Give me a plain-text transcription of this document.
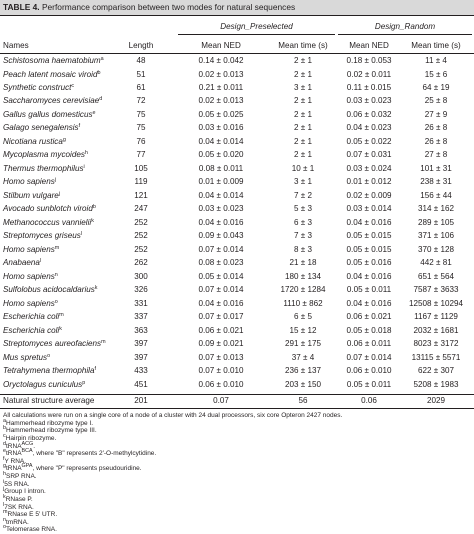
TABLE 4. Performance comparison between two modes for natural sequences
Design_Preselected	Design_Random
Names	Length	Mean NED	Mean time (s)	Mean NED	Mean time (s)
Schistosoma haematobium$^a$	48	0.14 ± 0.042	2 ± 1	0.18 ± 0.053	11 ± 4
Peach latent mosaic viroid$^b$	51	0.02 ± 0.013	2 ± 1	0.02 ± 0.011	15 ± 6
Synthetic construct$^c$	61	0.21 ± 0.011	3 ± 1	0.11 ± 0.015	64 ± 19
Saccharomyces cerevisiae$^d$	72	0.02 ± 0.013	2 ± 1	0.03 ± 0.023	25 ± 8
Gallus gallus domesticus$^e$	75	0.05 ± 0.025	2 ± 1	0.06 ± 0.032	27 ± 9
Galago senegalensis$^f$	75	0.03 ± 0.016	2 ± 1	0.04 ± 0.023	26 ± 8
Nicotiana rustica$^g$	76	0.04 ± 0.014	2 ± 1	0.05 ± 0.022	26 ± 8
Mycoplasma mycoides$^h$	77	0.05 ± 0.020	2 ± 1	0.07 ± 0.031	27 ± 8
Thermus thermophilus$^i$	105	0.08 ± 0.011	10 ± 1	0.03 ± 0.024	101 ± 31
Homo sapiens$^j$	119	0.01 ± 0.009	3 ± 1	0.01 ± 0.012	238 ± 31
Stilbum vulgare$^j$	121	0.04 ± 0.014	7 ± 2	0.02 ± 0.009	156 ± 44
Avocado sunblotch viroid$^b$	247	0.03 ± 0.023	5 ± 3	0.03 ± 0.014	314 ± 162
Methanococcus vannielii$^k$	252	0.04 ± 0.016	6 ± 3	0.04 ± 0.016	289 ± 105
Streptomyces griseus$^l$	252	0.09 ± 0.043	7 ± 3	0.05 ± 0.015	371 ± 106
Homo sapiens$^m$	252	0.07 ± 0.014	8 ± 3	0.05 ± 0.015	370 ± 128
Anabaena$^l$	262	0.08 ± 0.023	21 ± 18	0.05 ± 0.016	442 ± 81
Homo sapiens$^n$	300	0.05 ± 0.014	180 ± 134	0.04 ± 0.016	651 ± 564
Sulfolobus acidocaldarius$^k$	326	0.07 ± 0.014	1720 ± 1284	0.05 ± 0.011	7587 ± 3633
Homo sapiens$^o$	331	0.04 ± 0.016	1110 ± 862	0.04 ± 0.016	12508 ± 10294
Escherichia coli$^m$	337	0.07 ± 0.017	6 ± 5	0.06 ± 0.021	1167 ± 1129
Escherichia coli$^k$	363	0.06 ± 0.021	15 ± 12	0.05 ± 0.018	2032 ± 1681
Streptomyces aureofaciens$^m$	397	0.09 ± 0.021	291 ± 175	0.06 ± 0.011	8023 ± 3172
Mus spretus$^o$	397	0.07 ± 0.013	37 ± 4	0.07 ± 0.014	13115 ± 5571
Tetrahymena thermophila$^f$	433	0.07 ± 0.010	236 ± 137	0.06 ± 0.010	622 ± 307
Oryctolagus cuniculus$^p$	451	0.06 ± 0.010	203 ± 150	0.05 ± 0.011	5208 ± 1983
Natural structure average	201	0.07	56	0.06	2029
All calculations were run on a single core of a node of a cluster with 24 dual processors, six core Opteron 2427 nodes.
$^a$Hammerhead ribozyme type I.
$^b$Hammerhead ribozyme type III.
$^c$Hairpin ribozyme.
$^d$tRNA$^{ACG}$.
$^e$tRNA$^{BCA}$, where "B" represents 2′-O-methylcytidine.
$^f$Y RNA.
$^g$tRNA$^{GPA}$, where "P" represents pseudouridine.
$^h$SRP RNA.
$^i$5S RNA.
$^j$Group I intron.
$^k$RNase P.
$^l$7SK RNA.
$^m$RNase E 5′ UTR.
$^n$tmRNA.
$^o$Telomerase RNA.
